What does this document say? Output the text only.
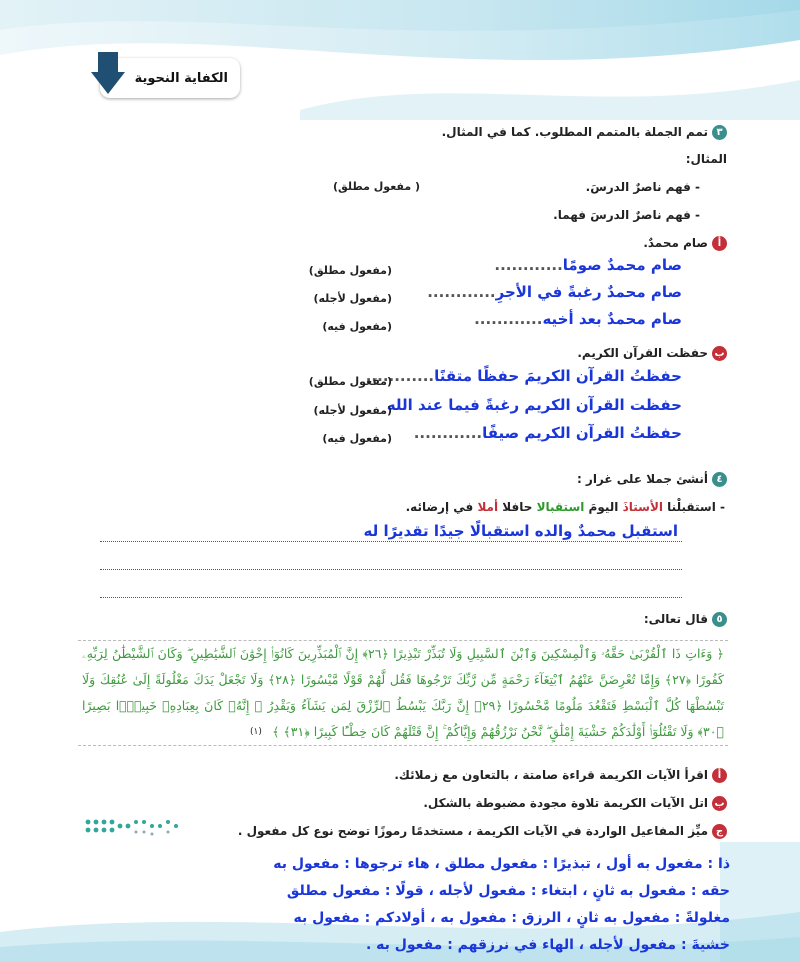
الكفاية النحوية
٣تمم الجملة بالمتمم المطلوب. كما في المثال.
المثال:
- فهم ناصرٌ الدرسَ.
( مفعول مطلق)
- فهم ناصرٌ الدرسَ فهما.
أصام محمدٌ.
صام محمدٌ صومًا............
(مفعول مطلق)
صام محمدٌ رغبةً في الأجرِ............
(مفعول لأجله)
صام محمدٌ بعد أخيه............
(مفعول فيه)
بحفظت القرآن الكريم.
حفظتُ القرآن الكريمَ حفظًا متقنًا............
(مفعول مطلق)
حفظت القرآن الكريم رغبةً فيما عند الله
(مفعول لأجله)
حفظتُ القرآن الكريم صيفًا............
(مفعول فيه)
٤أنشئ جملا على غرار :
- استقبلْنا الأستاذَ اليومَ استقبالا حافلا أملا في إرضائه.
استقبل محمدٌ والده استقبالًا جيدًا تقديرًا له
٥قال تعالى:
﴿ وَءَاتِ ذَا ٱلْقُرْبَىٰ حَقَّهُۥ وَٱلْمِسْكِينَ وَٱبْنَ ٱلسَّبِيلِ وَلَا تُبَذِّرْ تَبْذِيرًا ﴿٢٦﴾ إِنَّ ٱلْمُبَذِّرِينَ كَانُوٓا۟ إِخْوَٰنَ ٱلشَّيَٰطِينِ ۖ وَكَانَ ٱلشَّيْطَٰنُ لِرَبِّهِۦ كَفُورًا ﴿٢٧﴾ وَإِمَّا تُعْرِضَنَّ عَنْهُمُ ٱبْتِغَآءَ رَحْمَةٍ مِّن رَّبِّكَ تَرْجُوهَا فَقُل لَّهُمْ قَوْلًا مَّيْسُورًا ﴿٢٨﴾ وَلَا تَجْعَلْ يَدَكَ مَغْلُولَةً إِلَىٰ عُنُقِكَ وَلَا تَبْسُطْهَا كُلَّ ٱلْبَسْطِ فَتَقْعُدَ مَلُومًا مَّحْسُورًا ﴿٢٩﴾ إِنَّ رَبَّكَ يَبْسُطُ ٱلرِّزْقَ لِمَن يَشَآءُ وَيَقْدِرُ ۚ إِنَّهُۥ كَانَ بِعِبَادِهِۦ خَبِيرًۢا بَصِيرًا ﴿٣٠﴾ وَلَا تَقْتُلُوٓا۟ أَوْلَٰدَكُمْ خَشْيَةَ إِمْلَٰقٍ ۖ نَّحْنُ نَرْزُقُهُمْ وَإِيَّاكُمْ ۚ إِنَّ قَتْلَهُمْ كَانَ خِطْـًٔا كَبِيرًا ﴿٣١﴾ ﴾
(١)
أاقرأ الآيات الكريمة قراءة صامتة ، بالتعاون مع زملائك.
باتل الآيات الكريمة تلاوة مجودة مضبوطة بالشكل.
جميِّز المفاعيل الواردة في الآيات الكريمة ، مستخدمًا رموزًا توضح نوع كل مفعول .
ذا : مفعول به أول ، تبذيرًا : مفعول مطلق ، هاء ترجوها : مفعول به
حقه : مفعول به ثانٍ ، ابتغاء : مفعول لأجله ، قولًا : مفعول مطلق
مغلولةً : مفعول به ثانٍ ، الرزق : مفعول به ، أولادكم : مفعول به
خشيةَ : مفعول لأجله ، الهاء في نرزقهم : مفعول به .
